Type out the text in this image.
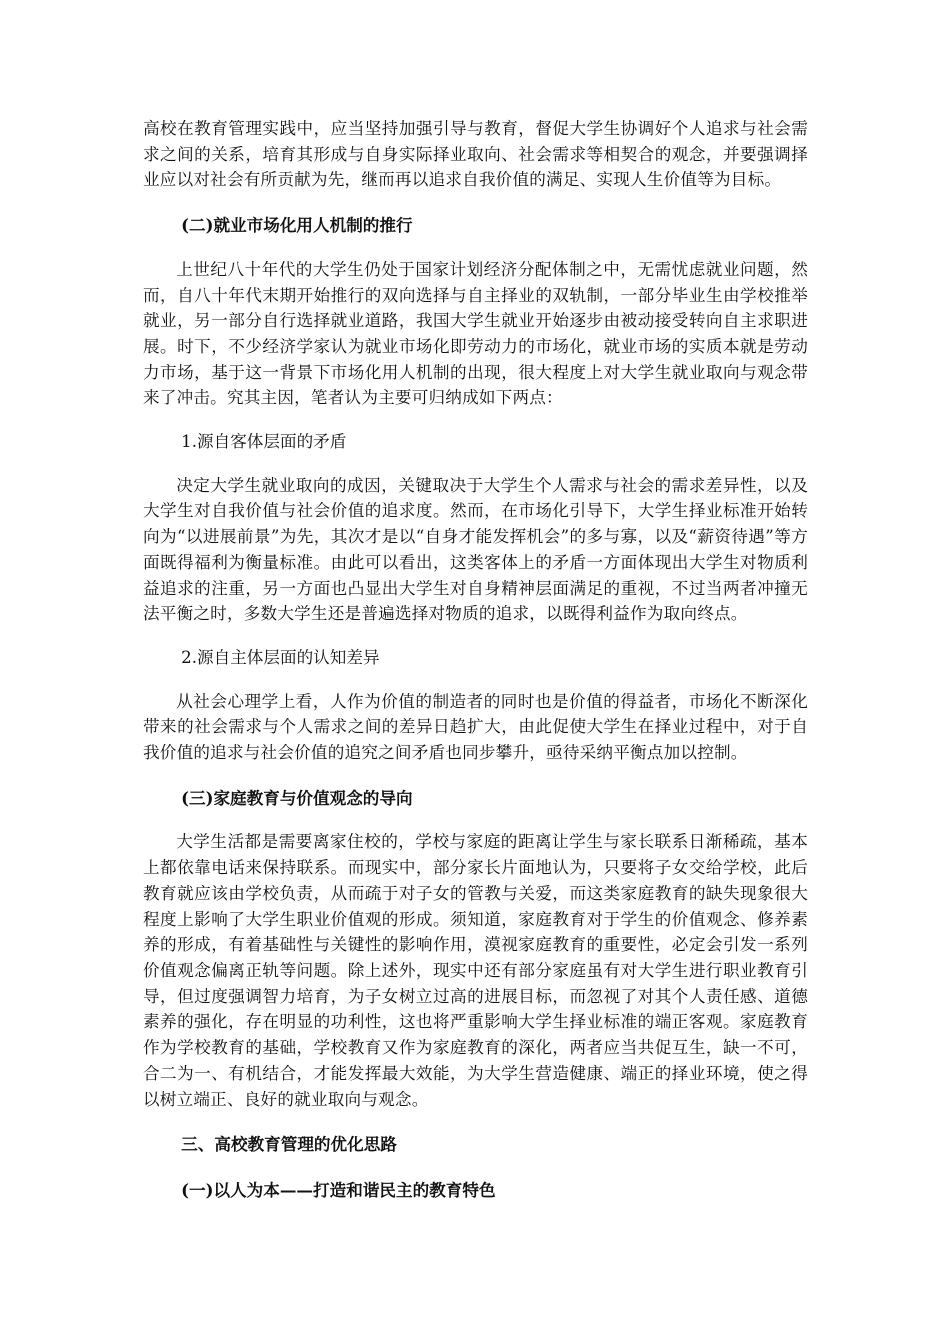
高校在教育管理实践中，应当坚持加强引导与教育，督促大学生协调好个人追求与社会需求之间的关系，培育其形成与自身实际择业取向、社会需求等相契合的观念，并要强调择业应以对社会有所贡献为先，继而再以追求自我价值的满足、实现人生价值等为目标。

(二)就业市场化用人机制的推行

上世纪八十年代的大学生仍处于国家计划经济分配体制之中，无需忧虑就业问题，然而，自八十年代末期开始推行的双向选择与自主择业的双轨制，一部分毕业生由学校推举就业，另一部分自行选择就业道路，我国大学生就业开始逐步由被动接受转向自主求职进展。时下，不少经济学家认为就业市场化即劳动力的市场化，就业市场的实质本就是劳动力市场，基于这一背景下市场化用人机制的出现，很大程度上对大学生就业取向与观念带来了冲击。究其主因，笔者认为主要可归纳成如下两点：

1.源自客体层面的矛盾

决定大学生就业取向的成因，关键取决于大学生个人需求与社会的需求差异性，以及大学生对自我价值与社会价值的追求度。然而，在市场化引导下，大学生择业标准开始转向为“以进展前景”为先，其次才是以“自身才能发挥机会”的多与寡，以及“薪资待遇”等方面既得福利为衡量标准。由此可以看出，这类客体上的矛盾一方面体现出大学生对物质利益追求的注重，另一方面也凸显出大学生对自身精神层面满足的重视，不过当两者冲撞无法平衡之时，多数大学生还是普遍选择对物质的追求，以既得利益作为取向终点。

2.源自主体层面的认知差异

从社会心理学上看，人作为价值的制造者的同时也是价值的得益者，市场化不断深化带来的社会需求与个人需求之间的差异日趋扩大，由此促使大学生在择业过程中，对于自我价值的追求与社会价值的追究之间矛盾也同步攀升，亟待采纳平衡点加以控制。

(三)家庭教育与价值观念的导向

大学生活都是需要离家住校的，学校与家庭的距离让学生与家长联系日渐稀疏，基本上都依靠电话来保持联系。而现实中，部分家长片面地认为，只要将子女交给学校，此后教育就应该由学校负责，从而疏于对子女的管教与关爱，而这类家庭教育的缺失现象很大程度上影响了大学生职业价值观的形成。须知道，家庭教育对于学生的价值观念、修养素养的形成，有着基础性与关键性的影响作用，漠视家庭教育的重要性，必定会引发一系列价值观念偏离正轨等问题。除上述外，现实中还有部分家庭虽有对大学生进行职业教育引导，但过度强调智力培育，为子女树立过高的进展目标，而忽视了对其个人责任感、道德素养的强化，存在明显的功利性，这也将严重影响大学生择业标准的端正客观。家庭教育作为学校教育的基础，学校教育又作为家庭教育的深化，两者应当共促互生，缺一不可，合二为一、有机结合，才能发挥最大效能，为大学生营造健康、端正的择业环境，使之得以树立端正、良好的就业取向与观念。

三、高校教育管理的优化思路

(一)以人为本——打造和谐民主的教育特色
